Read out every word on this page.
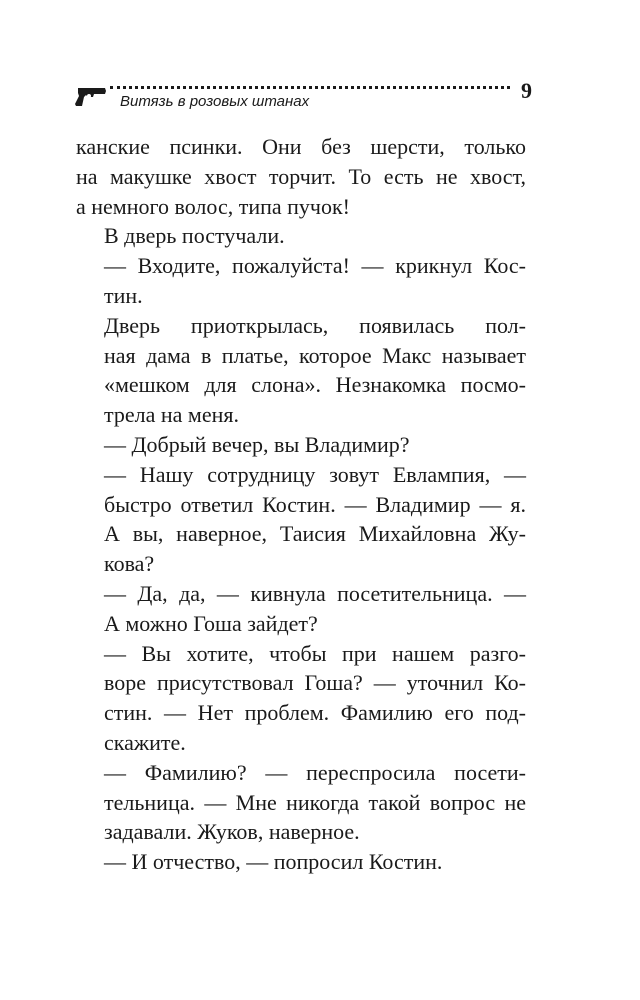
Витязь в розовых штанах	9

канские псинки. Они без шерсти, только
на макушке хвост торчит. То есть не хвост,
а немного волос, типа пучок!

В дверь постучали.

— Входите, пожалуйста! — крикнул Кос-
тин.

Дверь приоткрылась, появилась пол-
ная дама в платье, которое Макс называет
«мешком для слона». Незнакомка посмо-
трела на меня.

— Добрый вечер, вы Владимир?

— Нашу сотрудницу зовут Евлампия, —
быстро ответил Костин. — Владимир — я.
А вы, наверное, Таисия Михайловна Жу-
кова?

— Да, да, — кивнула посетительница. —
А можно Гоша зайдет?

— Вы хотите, чтобы при нашем разго-
воре присутствовал Гоша? — уточнил Ко-
стин. — Нет проблем. Фамилию его под-
скажите.

— Фамилию? — переспросила посети-
тельница. — Мне никогда такой вопрос не
задавали. Жуков, наверное.

— И отчество, — попросил Костин.
